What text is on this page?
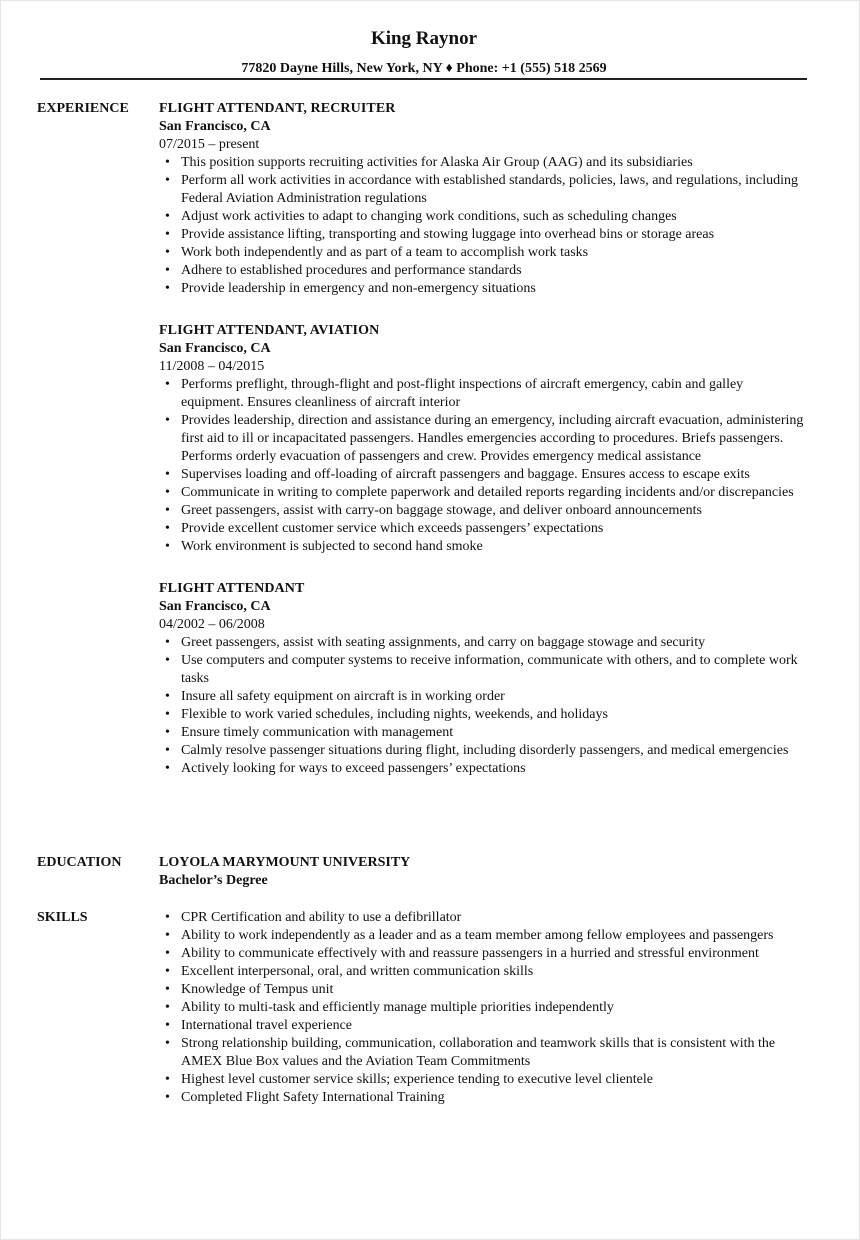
King Raynor
77820 Dayne Hills, New York, NY ♦ Phone: +1 (555) 518 2569
EXPERIENCE	FLIGHT ATTENDANT, RECRUITER
San Francisco, CA
07/2015 – present
• This position supports recruiting activities for Alaska Air Group (AAG) and its subsidiaries
• Perform all work activities in accordance with established standards, policies, laws, and regulations, including Federal Aviation Administration regulations
• Adjust work activities to adapt to changing work conditions, such as scheduling changes
• Provide assistance lifting, transporting and stowing luggage into overhead bins or storage areas
• Work both independently and as part of a team to accomplish work tasks
• Adhere to established procedures and performance standards
• Provide leadership in emergency and non-emergency situations
FLIGHT ATTENDANT, AVIATION
San Francisco, CA
11/2008 – 04/2015
• Performs preflight, through-flight and post-flight inspections of aircraft emergency, cabin and galley equipment. Ensures cleanliness of aircraft interior
• Provides leadership, direction and assistance during an emergency, including aircraft evacuation, administering first aid to ill or incapacitated passengers. Handles emergencies according to procedures. Briefs passengers. Performs orderly evacuation of passengers and crew. Provides emergency medical assistance
• Supervises loading and off-loading of aircraft passengers and baggage. Ensures access to escape exits
• Communicate in writing to complete paperwork and detailed reports regarding incidents and/or discrepancies
• Greet passengers, assist with carry-on baggage stowage, and deliver onboard announcements
• Provide excellent customer service which exceeds passengers’ expectations
• Work environment is subjected to second hand smoke
FLIGHT ATTENDANT
San Francisco, CA
04/2002 – 06/2008
• Greet passengers, assist with seating assignments, and carry on baggage stowage and security
• Use computers and computer systems to receive information, communicate with others, and to complete work tasks
• Insure all safety equipment on aircraft is in working order
• Flexible to work varied schedules, including nights, weekends, and holidays
• Ensure timely communication with management
• Calmly resolve passenger situations during flight, including disorderly passengers, and medical emergencies
• Actively looking for ways to exceed passengers’ expectations
EDUCATION	LOYOLA MARYMOUNT UNIVERSITY
Bachelor’s Degree
SKILLS
•	CPR Certification and ability to use a defibrillator
• Ability to work independently as a leader and as a team member among fellow employees and passengers
• Ability to communicate effectively with and reassure passengers in a hurried and stressful environment
• Excellent interpersonal, oral, and written communication skills
• Knowledge of Tempus unit
• Ability to multi-task and efficiently manage multiple priorities independently
• International travel experience
• Strong relationship building, communication, collaboration and teamwork skills that is consistent with the AMEX Blue Box values and the Aviation Team Commitments
• Highest level customer service skills; experience tending to executive level clientele
• Completed Flight Safety International Training
